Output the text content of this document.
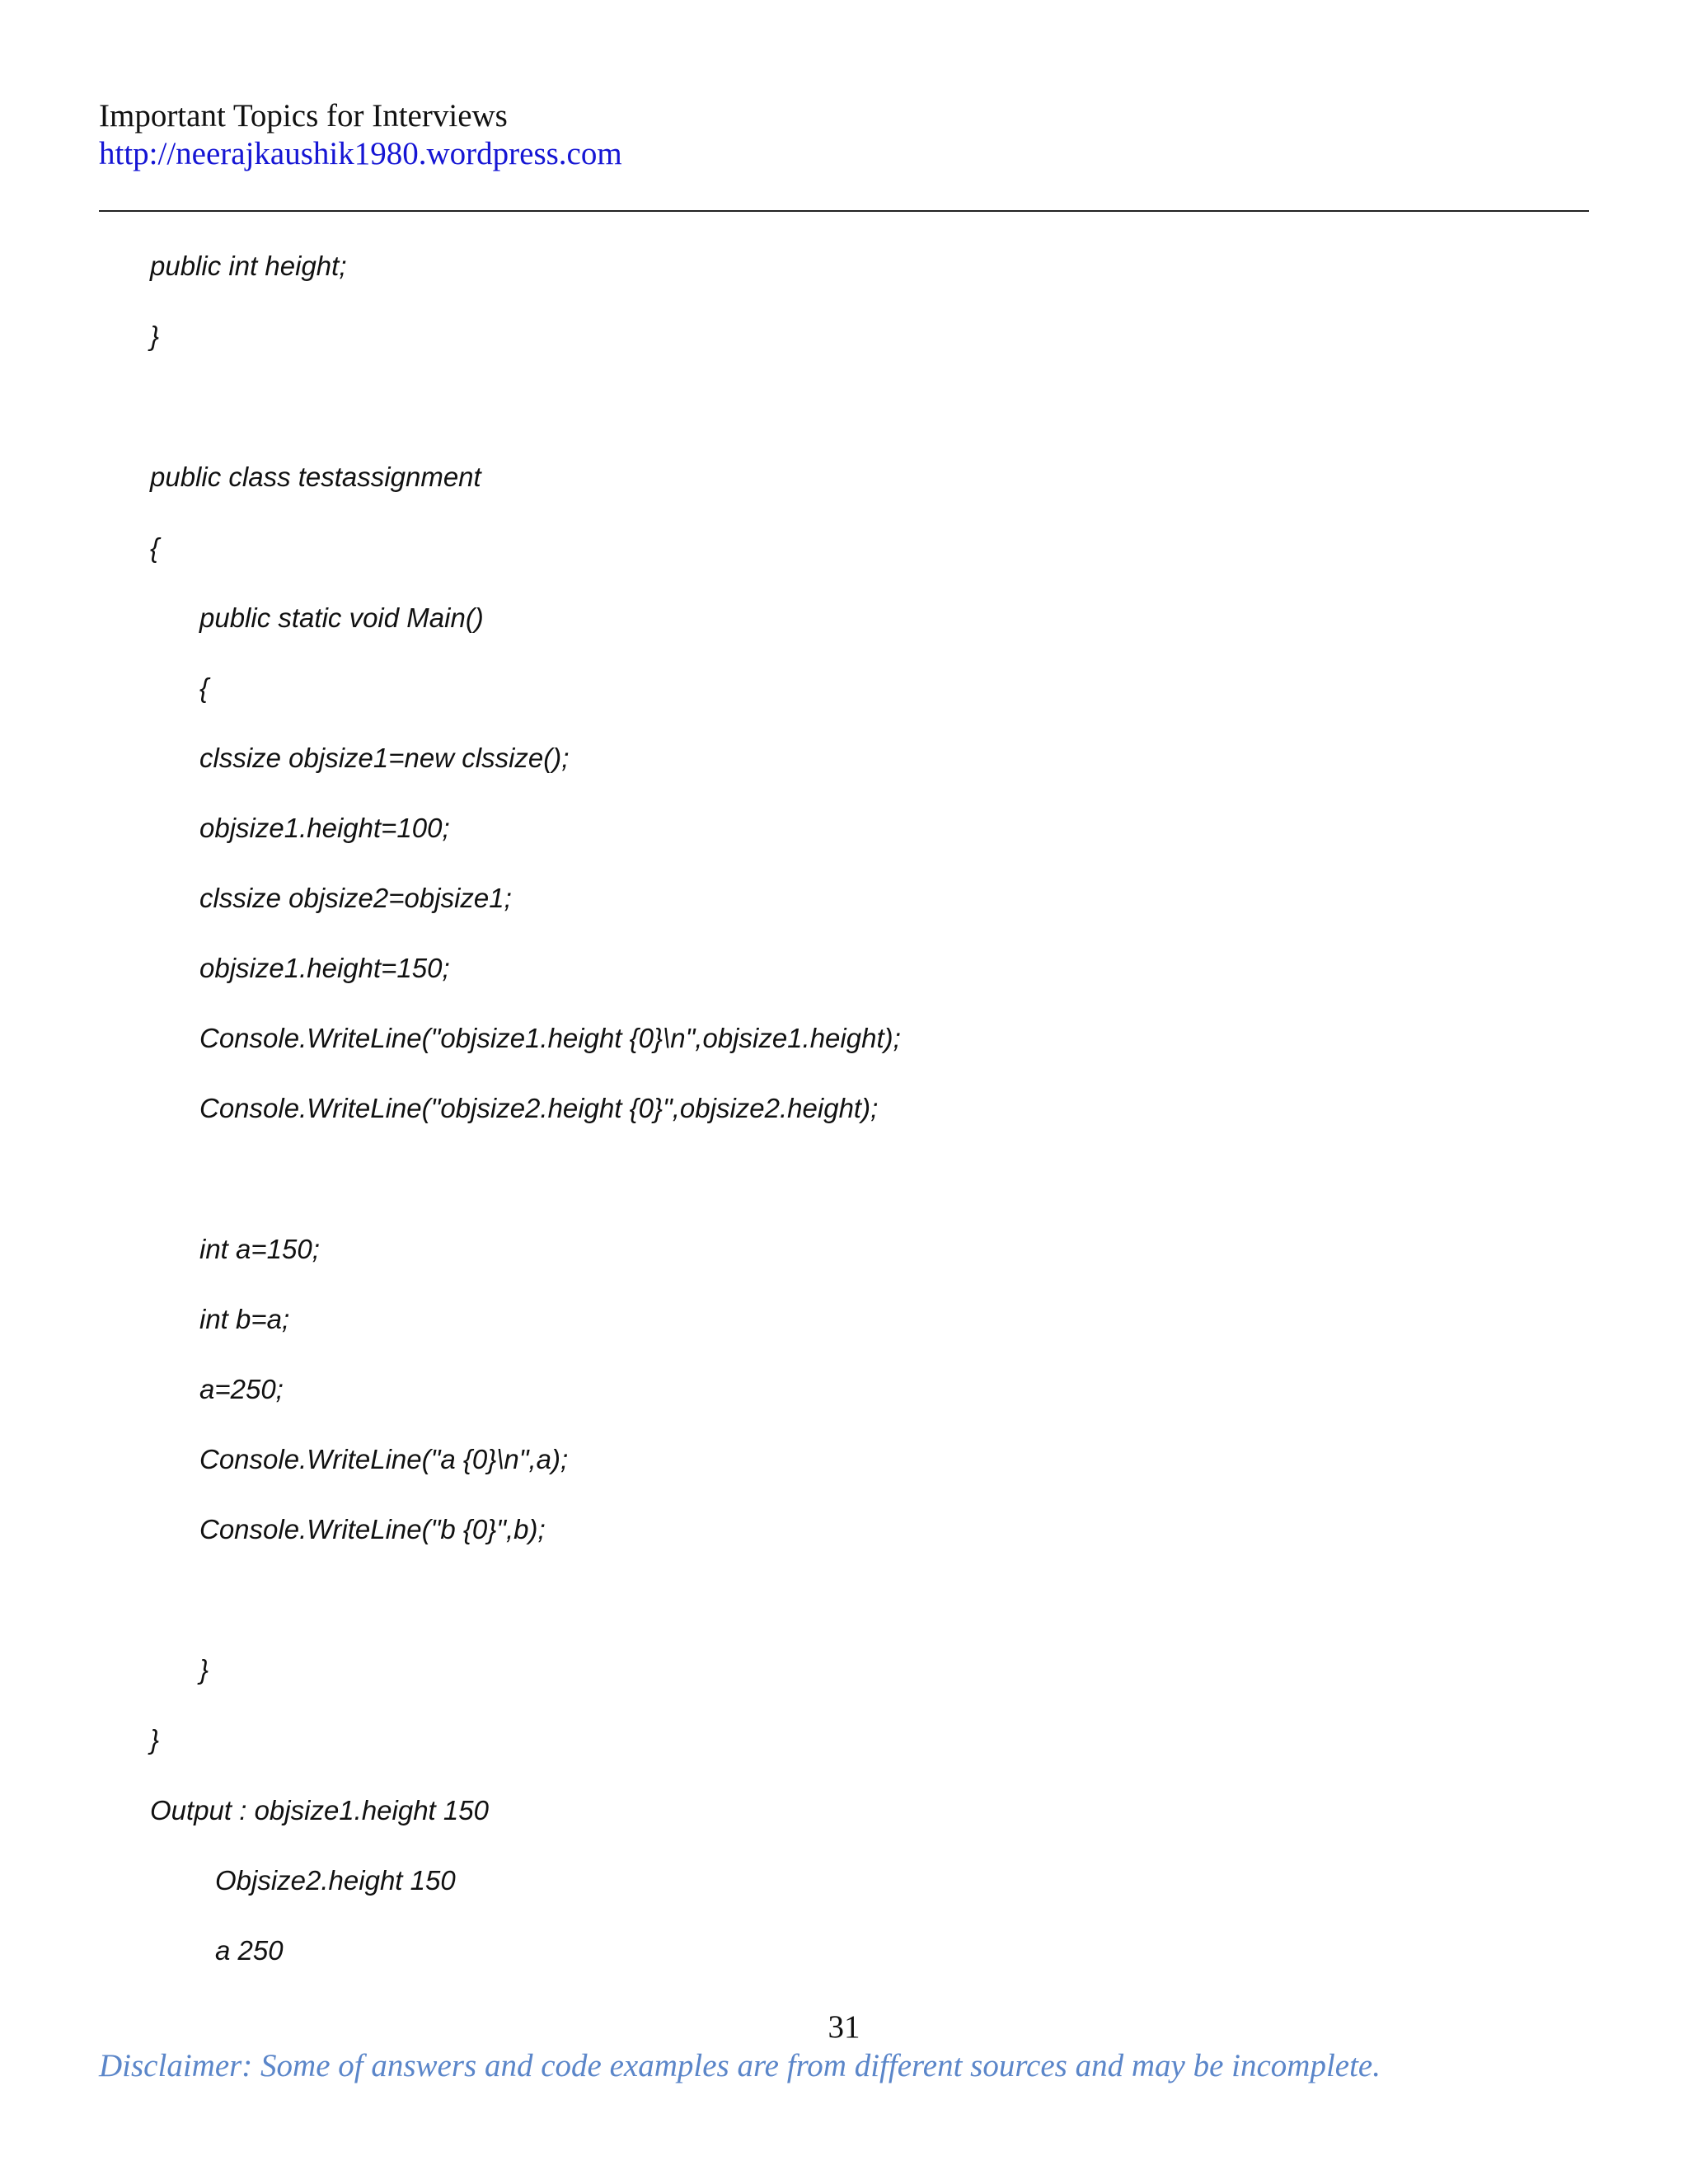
Important Topics for Interviews
http://neerajkaushik1980.wordpress.com
public int height;
}
public class testassignment
{
public static void Main()
{
clssize objsize1=new clssize();
objsize1.height=100;
clssize objsize2=objsize1;
objsize1.height=150;
Console.WriteLine("objsize1.height {0}\n",objsize1.height);
Console.WriteLine("objsize2.height {0}",objsize2.height);
int a=150;
int b=a;
a=250;
Console.WriteLine("a {0}\n",a);
Console.WriteLine("b {0}",b);
}
}
Output : objsize1.height 150
Objsize2.height 150
a 250
31
Disclaimer: Some of answers and code examples are from different sources and may be incomplete.
